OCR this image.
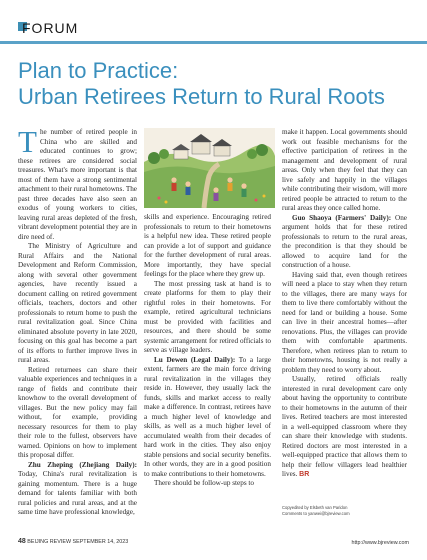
FORUM
Plan to Practice:
Urban Retirees Return to Rural Roots

The number of retired people in China who are skilled and educated continues to grow; these retirees are considered social treasures. What's more important is that most of them have a strong sentimental attachment to their rural hometowns. The past three decades have also seen an exodus of young workers to cities, leaving rural areas depleted of the fresh, vibrant development potential they are in dire need of.

The Ministry of Agriculture and Rural Affairs and the National Development and Reform Commission, along with several other government agencies, have recently issued a document calling on retired government officials, teachers, doctors and other professionals to return home to push the rural revitalization goal. Since China eliminated absolute poverty in late 2020, focusing on this goal has become a part of its efforts to further improve lives in rural areas.

Retired returnees can share their valuable experiences and techniques in a range of fields and contribute their knowhow to the overall development of villages. But the new policy may fail without, for example, providing necessary resources for them to play their role to the fullest, observers have warned. Opinions on how to implement this proposal differ.

Zhu Zheping (Zhejiang Daily): Today, China's rural revitalization is gaining momentum. There is a huge demand for talents familiar with both rural policies and rural areas, and at the same time have professional knowledge,

skills and experience. Encouraging retired professionals to return to their hometowns is a helpful new idea. These retired people can provide a lot of support and guidance for the further development of rural areas. More importantly, they have special feelings for the place where they grew up.

The most pressing task at hand is to create platforms for them to play their rightful roles in their hometowns. For example, retired agricultural technicians must be provided with facilities and resources, and there should be some systemic arrangement for retired officials to serve as village leaders.

Lu Dewen (Legal Daily): To a large extent, farmers are the main force driving rural revitalization in the villages they reside in. However, they usually lack the funds, skills and market access to really make a difference. In contrast, retirees have a much higher level of knowledge and skills, as well as a much higher level of accumulated wealth from their decades of hard work in the cities. They also enjoy stable pensions and social security benefits. In other words, they are in a good position to make contributions to their hometowns.

There should be follow-up steps to

make it happen. Local governments should work out feasible mechanisms for the effective participation of retirees in the management and development of rural areas. Only when they feel that they can live safely and happily in the villages while contributing their wisdom, will more retired people be attracted to return to the rural areas they once called home.

Guo Shaoya (Farmers' Daily): One argument holds that for these retired professionals to return to the rural areas, the precondition is that they should be allowed to acquire land for the construction of a house.

Having said that, even though retirees will need a place to stay when they return to the villages, there are many ways for them to live there comfortably without the need for land or building a house. Some can live in their ancestral homes—after renovations. Plus, the villages can provide them with comfortable apartments. Therefore, when retirees plan to return to their hometowns, housing is not really a problem they need to worry about.

Usually, retired officials really interested in rural development care only about having the opportunity to contribute to their hometowns in the autumn of their lives. Retired teachers are most interested in a well-equipped classroom where they can share their knowledge with students. Retired doctors are most interested in a well-equipped practice that allows them to help their fellow villagers lead healthier lives. BR

Copyedited by Elsbeth van Paridon
Comments to yanwei@bjreview.com
48 BEIJING REVIEW SEPTEMBER 14, 2023	http://www.bjreview.com
